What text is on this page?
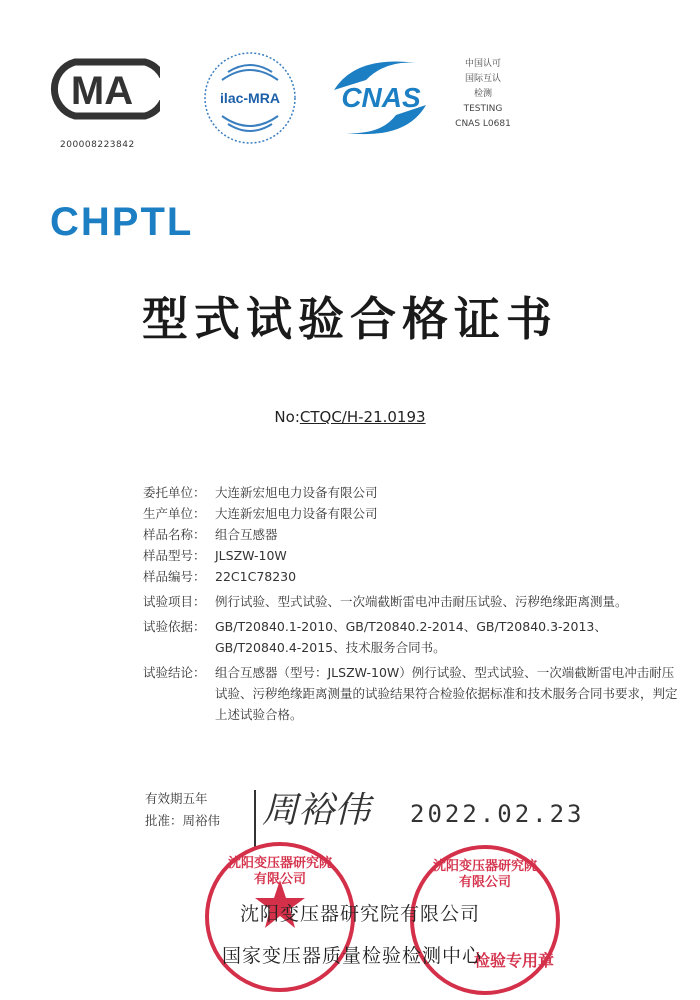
MA
200008223842
ilac-MRA CNAS
中国认可
国际互认
检测
TESTING
CNAS L0681
CHPTL
型式试验合格证书
No:CTQC/H-21.0193
委托单位： 大连新宏旭电力设备有限公司
生产单位： 大连新宏旭电力设备有限公司
样品名称： 组合互感器
样品型号： JLSZW-10W
样品编号： 22C1C78230
试验项目： 例行试验、型式试验、一次端截断雷电冲击耐压试验、污秽绝缘距离测量。
试验依据： GB/T20840.1-2010、GB/T20840.2-2014、GB/T20840.3-2013、GB/T20840.4-2015、技术服务合同书。
试验结论： 组合互感器（型号：JLSZW-10W）例行试验、型式试验、一次端截断雷电冲击耐压试验、污秽绝缘距离测量的试验结果符合检验依据标准和技术服务合同书要求，判定上述试验合格。
有效期五年
批准：周裕伟 周裕伟 2022.02.23
沈阳变压器研究院有限公司
沈阳变压器研究院有限公司
检验专用章
沈阳变压器研究院有限公司
国家变压器质量检验检测中心
